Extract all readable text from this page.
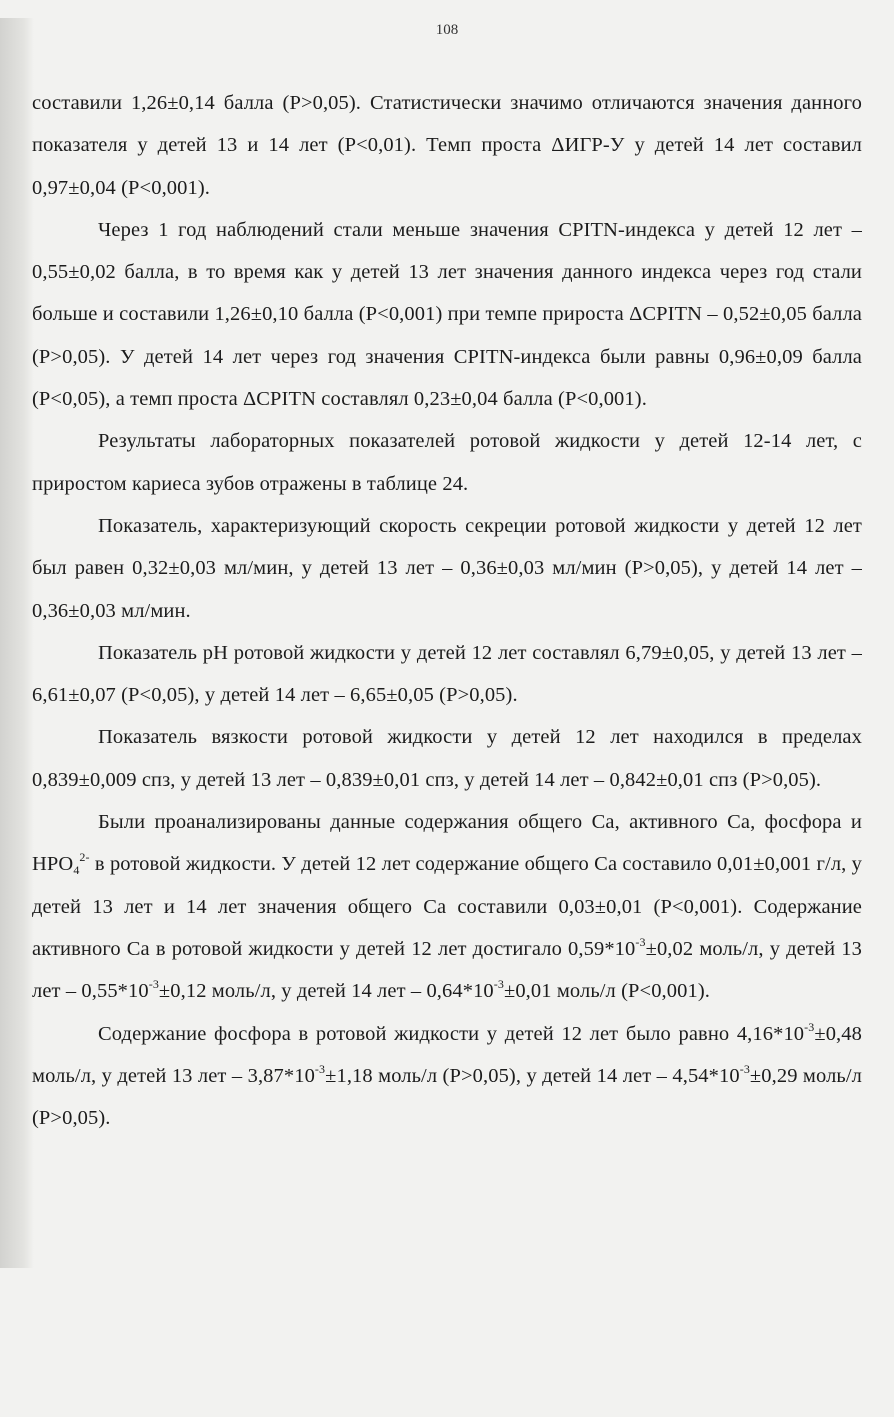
108

составили 1,26±0,14 балла (P>0,05). Статистически значимо отличаются значения данного показателя у детей 13 и 14 лет (P<0,01). Темп проста ΔИГР-У у детей 14 лет составил 0,97±0,04 (P<0,001).

Через 1 год наблюдений стали меньше значения CPITN-индекса у детей 12 лет – 0,55±0,02 балла, в то время как у детей 13 лет значения данного индекса через год стали больше и составили 1,26±0,10 балла (P<0,001) при темпе прироста ΔCPITN – 0,52±0,05 балла (P>0,05). У детей 14 лет через год значения CPITN-индекса были равны 0,96±0,09 балла (P<0,05), а темп проста ΔCPITN составлял 0,23±0,04 балла (P<0,001).

Результаты лабораторных показателей ротовой жидкости у детей 12-14 лет, с приростом кариеса зубов отражены в таблице 24.

Показатель, характеризующий скорость секреции ротовой жидкости у детей 12 лет был равен 0,32±0,03 мл/мин, у детей 13 лет – 0,36±0,03 мл/мин (P>0,05), у детей 14 лет – 0,36±0,03 мл/мин.

Показатель pH ротовой жидкости у детей 12 лет составлял 6,79±0,05, у детей 13 лет – 6,61±0,07 (P<0,05), у детей 14 лет – 6,65±0,05 (P>0,05).

Показатель вязкости ротовой жидкости у детей 12 лет находился в пределах 0,839±0,009 спз, у детей 13 лет – 0,839±0,01 спз, у детей 14 лет – 0,842±0,01 спз (P>0,05).

Были проанализированы данные содержания общего Ca, активного Ca, фосфора и $HPO_4^{2-}$ в ротовой жидкости. У детей 12 лет содержание общего Ca составило 0,01±0,001 г/л, у детей 13 лет и 14 лет значения общего Ca составили 0,03±0,01 (P<0,001). Содержание активного Ca в ротовой жидкости у детей 12 лет достигало $0,59*10^{-3}\pm 0,02$ моль/л, у детей 13 лет – $0,55*10^{-3}\pm 0,12$ моль/л, у детей 14 лет – $0,64*10^{-3}\pm 0,01$ моль/л (P<0,001).

Содержание фосфора в ротовой жидкости у детей 12 лет было равно $4,16*10^{-3}\pm 0,48$ моль/л, у детей 13 лет – $3,87*10^{-3}\pm 1,18$ моль/л (P>0,05), у детей 14 лет – $4,54*10^{-3}\pm 0,29$ моль/л (P>0,05).
